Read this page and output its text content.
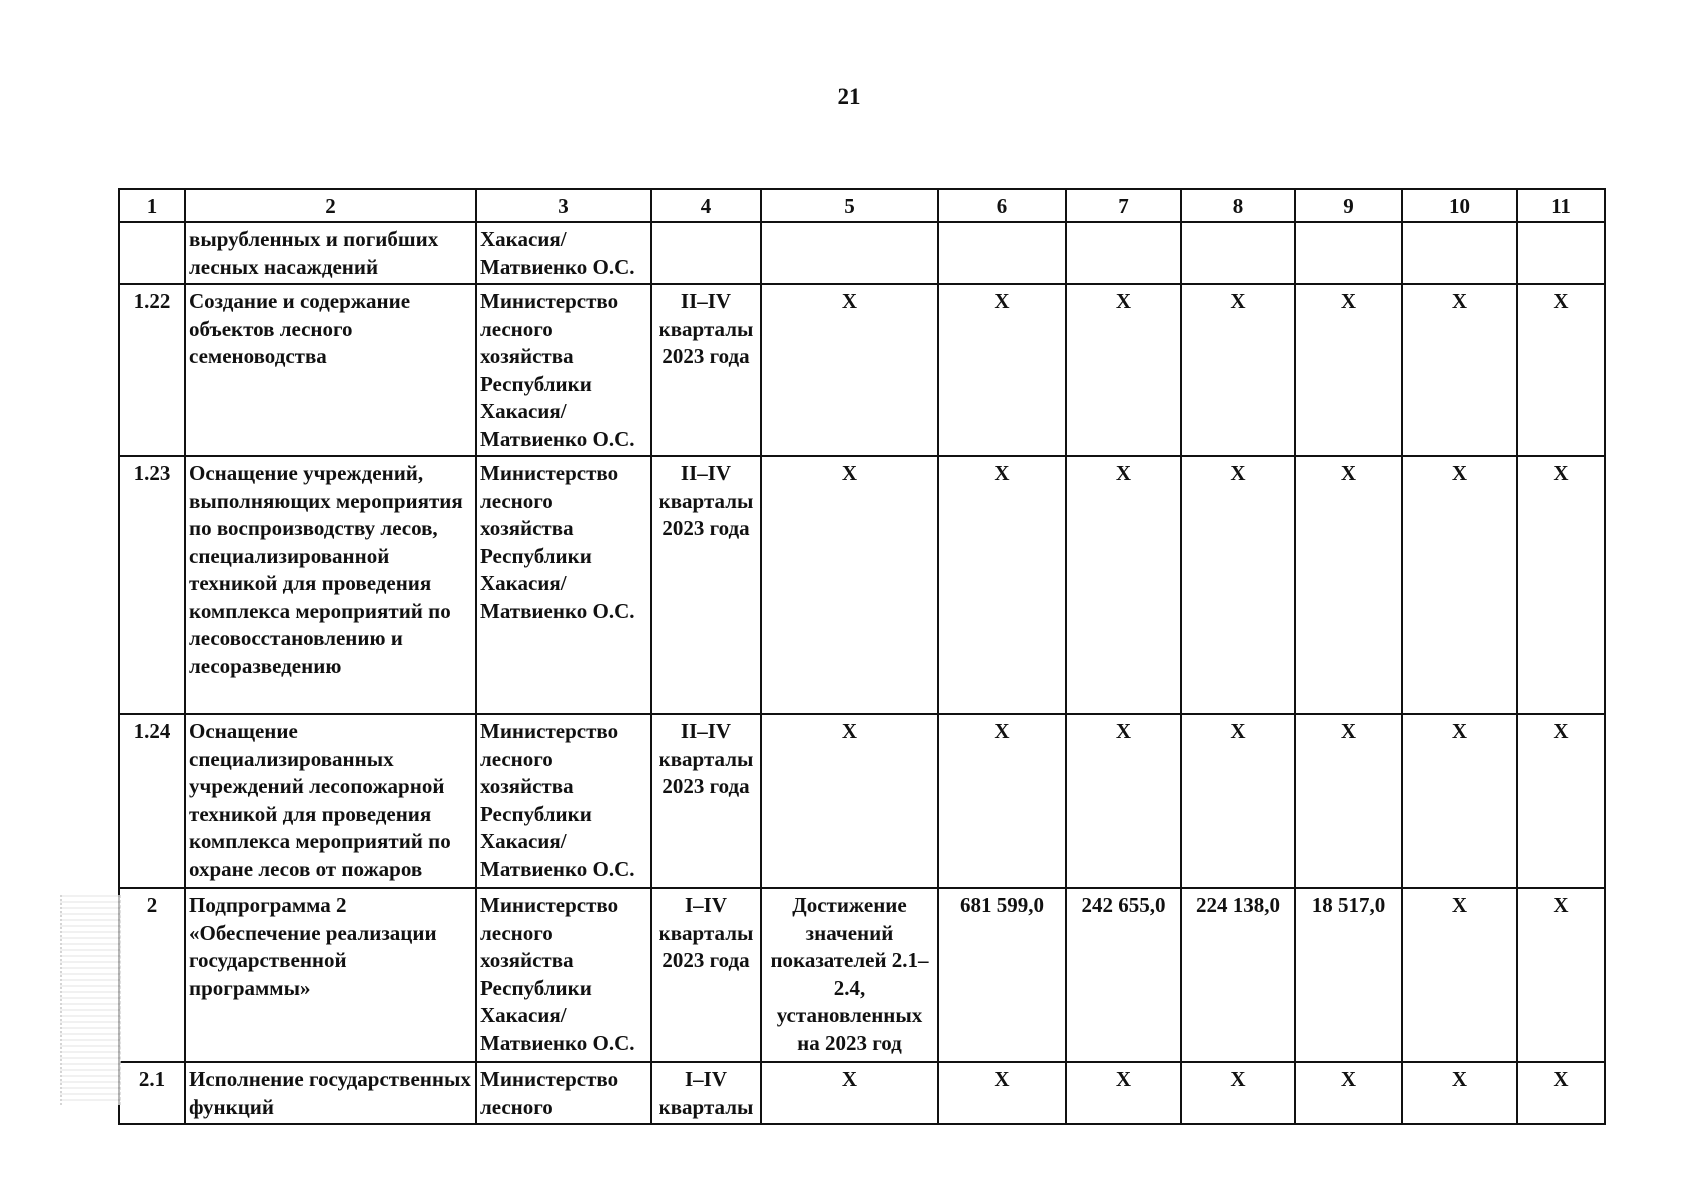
21
1	2	3	4	5	6	7	8	9	10	11
	вырубленных и погибших лесных насаждений	Хакасия/ Матвиенко О.С.								
1.22	Создание и содержание объектов лесного семеноводства	Министерство лесного хозяйства Республики Хакасия/ Матвиенко О.С.	II–IV кварталы 2023 года	X	X	X	X	X	X	X
1.23	Оснащение учреждений, выполняющих мероприятия по воспроизводству лесов, специализированной техникой для проведения комплекса мероприятий по лесовосстановлению и лесоразведению	Министерство лесного хозяйства Республики Хакасия/ Матвиенко О.С.	II–IV кварталы 2023 года	X	X	X	X	X	X	X
1.24	Оснащение специализированных учреждений лесопожарной техникой для проведения комплекса мероприятий по охране лесов от пожаров	Министерство лесного хозяйства Республики Хакасия/ Матвиенко О.С.	II–IV кварталы 2023 года	X	X	X	X	X	X	X
2	Подпрограмма 2 «Обеспечение реализации государственной программы»	Министерство лесного хозяйства Республики Хакасия/ Матвиенко О.С.	I–IV кварталы 2023 года	Достижение значений показателей 2.1–2.4, установленных на 2023 год	681 599,0	242 655,0	224 138,0	18 517,0	X	X
2.1	Исполнение государственных функций	Министерство лесного	I–IV кварталы	X	X	X	X	X	X	X
